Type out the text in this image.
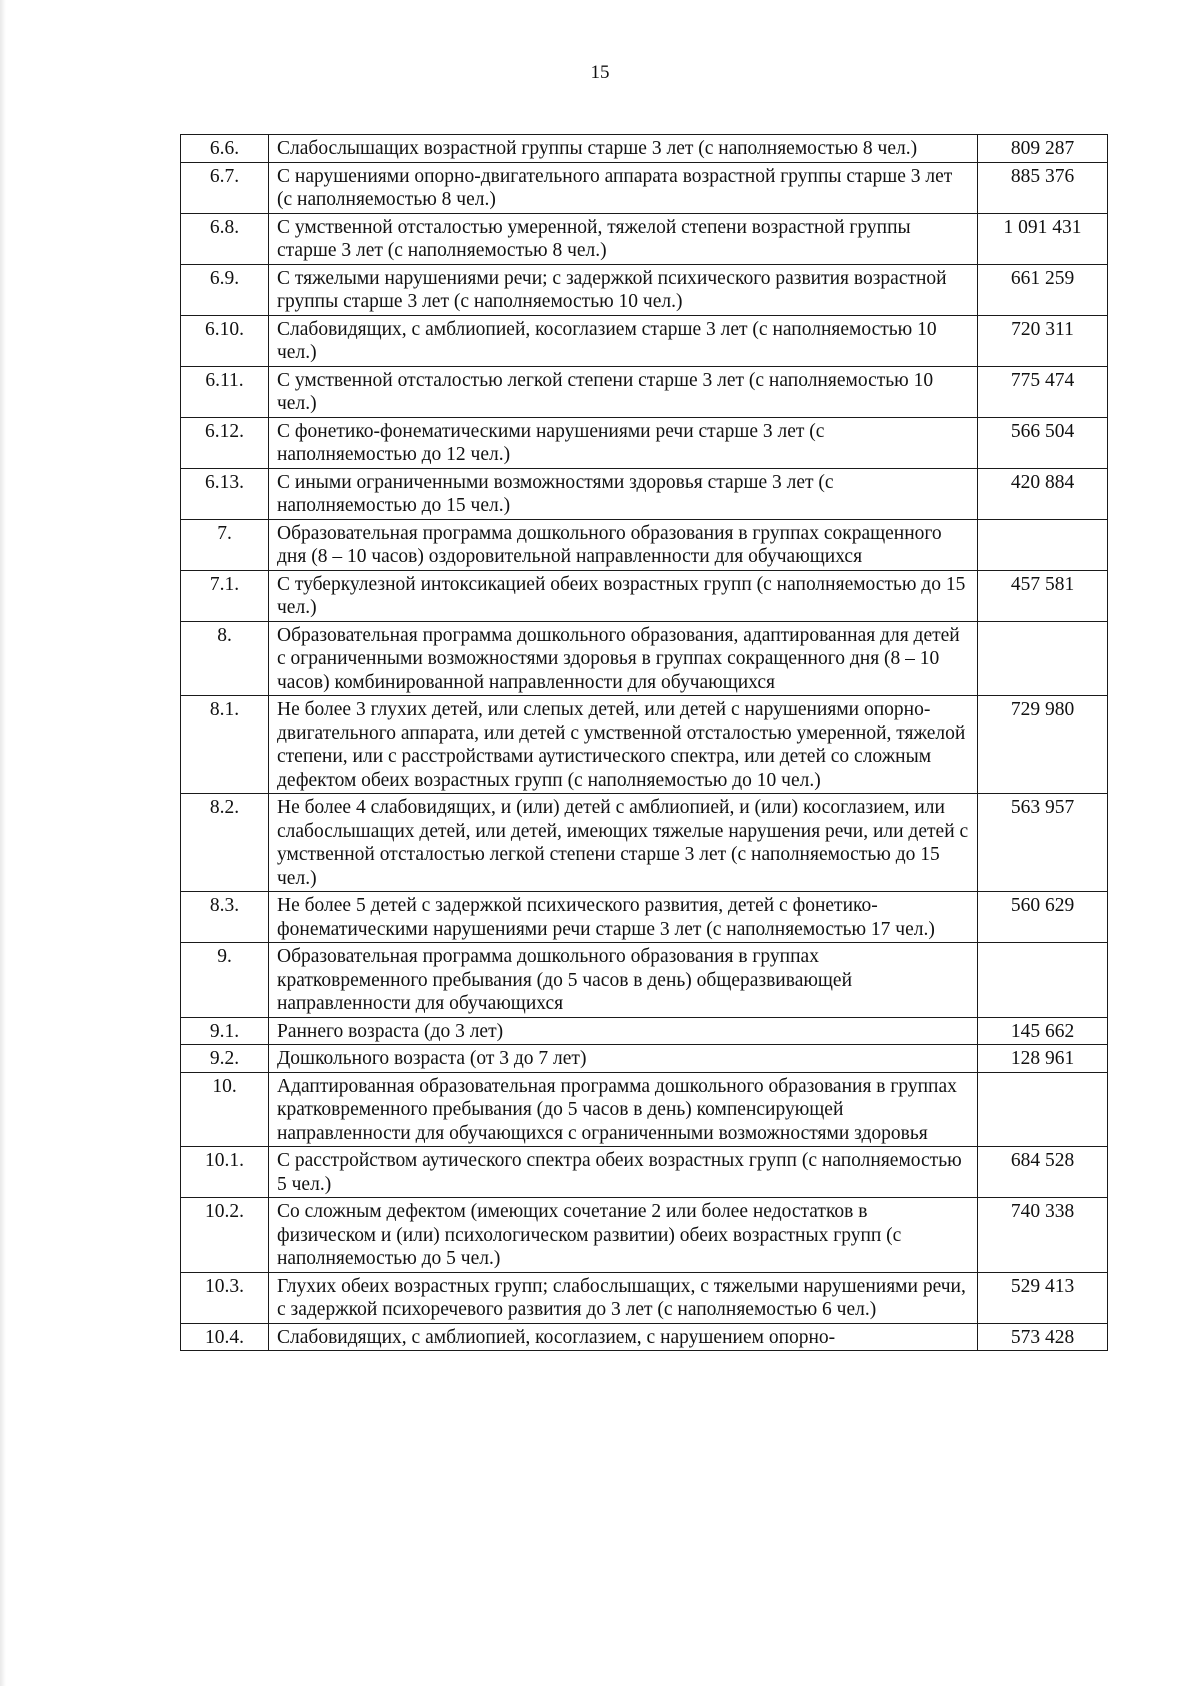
15
6.6.	Слабослышащих возрастной группы старше 3 лет (с наполняемостью 8 чел.)	809 287
6.7.	С нарушениями опорно-двигательного аппарата возрастной группы старше 3 лет (с наполняемостью 8 чел.)	885 376
6.8.	С умственной отсталостью умеренной, тяжелой степени возрастной группы старше 3 лет (с наполняемостью 8 чел.)	1 091 431
6.9.	С тяжелыми нарушениями речи; с задержкой психического развития возрастной группы старше 3 лет (с наполняемостью 10 чел.)	661 259
6.10.	Слабовидящих, с амблиопией, косоглазием старше 3 лет (с наполняемостью 10 чел.)	720 311
6.11.	С умственной отсталостью легкой степени старше 3 лет (с наполняемостью 10 чел.)	775 474
6.12.	С фонетико-фонематическими нарушениями речи старше 3 лет (с наполняемостью до 12 чел.)	566 504
6.13.	С иными ограниченными возможностями здоровья старше 3 лет (с наполняемостью до 15 чел.)	420 884
7.	Образовательная программа дошкольного образования в группах сокращенного дня (8 – 10 часов) оздоровительной направленности для обучающихся	
7.1.	С туберкулезной интоксикацией обеих возрастных групп (с наполняемостью до 15 чел.)	457 581
8.	Образовательная программа дошкольного образования, адаптированная для детей с ограниченными возможностями здоровья в группах сокращенного дня (8 – 10 часов) комбинированной направленности для обучающихся	
8.1.	Не более 3 глухих детей, или слепых детей, или детей с нарушениями опорно-двигательного аппарата, или детей с умственной отсталостью умеренной, тяжелой степени, или с расстройствами аутистического спектра, или детей со сложным дефектом обеих возрастных групп (с наполняемостью до 10 чел.)	729 980
8.2.	Не более 4 слабовидящих, и (или) детей с амблиопией, и (или) косоглазием, или слабослышащих детей, или детей, имеющих тяжелые нарушения речи, или детей с умственной отсталостью легкой степени старше 3 лет (с наполняемостью до 15 чел.)	563 957
8.3.	Не более 5 детей с задержкой психического развития, детей с фонетико-фонематическими нарушениями речи старше 3 лет (с наполняемостью 17 чел.)	560 629
9.	Образовательная программа дошкольного образования в группах кратковременного пребывания (до 5 часов в день) общеразвивающей направленности для обучающихся	
9.1.	Раннего возраста (до 3 лет)	145 662
9.2.	Дошкольного возраста (от 3 до 7 лет)	128 961
10.	Адаптированная образовательная программа дошкольного образования в группах кратковременного пребывания (до 5 часов в день) компенсирующей направленности для обучающихся с ограниченными возможностями здоровья	
10.1.	С расстройством аутического спектра обеих возрастных групп (с наполняемостью 5 чел.)	684 528
10.2.	Со сложным дефектом (имеющих сочетание 2 или более недостатков в физическом и (или) психологическом развитии) обеих возрастных групп (с наполняемостью до 5 чел.)	740 338
10.3.	Глухих обеих возрастных групп; слабослышащих, с тяжелыми нарушениями речи, с задержкой психоречевого развития до 3 лет (с наполняемостью 6 чел.)	529 413
10.4.	Слабовидящих, с амблиопией, косоглазием, с нарушением опорно-	573 428
